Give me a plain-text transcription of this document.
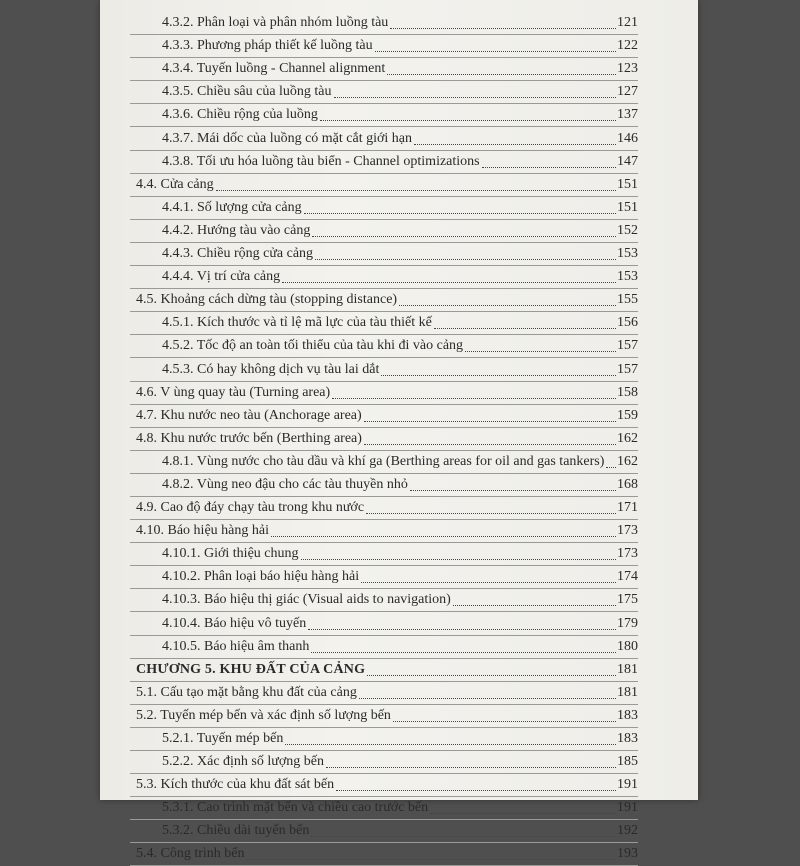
4.3.2. Phân loại và phân nhóm luồng tàu	121
4.3.3. Phương pháp thiết kế luồng tàu	122
4.3.4. Tuyến luồng - Channel alignment	123
4.3.5. Chiều sâu của luồng tàu	127
4.3.6. Chiều rộng của luồng	137
4.3.7. Mái dốc của luồng có mặt cắt giới hạn	146
4.3.8. Tối ưu hóa luồng tàu biển - Channel optimizations	147
4.4. Cửa cảng	151
4.4.1. Số lượng cửa cảng	151
4.4.2. Hướng tàu vào cảng	152
4.4.3. Chiều rộng cửa cảng	153
4.4.4. Vị trí cửa cảng	153
4.5. Khoảng cách dừng tàu (stopping distance)	155
4.5.1. Kích thước và tỉ lệ mã lực của tàu thiết kế	156
4.5.2. Tốc độ an toàn tối thiểu của tàu khi đi vào cảng	157
4.5.3. Có hay không dịch vụ tàu lai dắt	157
4.6. V ùng quay tàu (Turning area)	158
4.7. Khu nước neo tàu (Anchorage area)	159
4.8. Khu nước trước bến (Berthing area)	162
4.8.1. Vùng nước cho tàu dầu và khí ga (Berthing areas for oil and gas tankers) 162
4.8.2. Vùng neo đậu cho các tàu thuyền nhỏ	168
4.9. Cao độ đáy chạy tàu trong khu nước	171
4.10. Báo hiệu hàng hải	173
4.10.1. Giới thiệu chung	173
4.10.2. Phân loại báo hiệu hàng hải	174
4.10.3. Báo hiệu thị giác (Visual aids to navigation)	175
4.10.4. Báo hiệu vô tuyến	179
4.10.5. Báo hiệu âm thanh	180
CHƯƠNG 5. KHU ĐẤT CỦA CẢNG	181
5.1. Cấu tạo mặt bằng khu đất của cảng	181
5.2. Tuyến mép bến và xác định số lượng bến	183
5.2.1. Tuyến mép bến	183
5.2.2. Xác định số lượng bến	185
5.3. Kích thước của khu đất sát bến	191
5.3.1. Cao trình mặt bến và chiều cao trước bến	191
5.3.2. Chiều dài tuyến bến	192
5.4. Công trình bến	193
